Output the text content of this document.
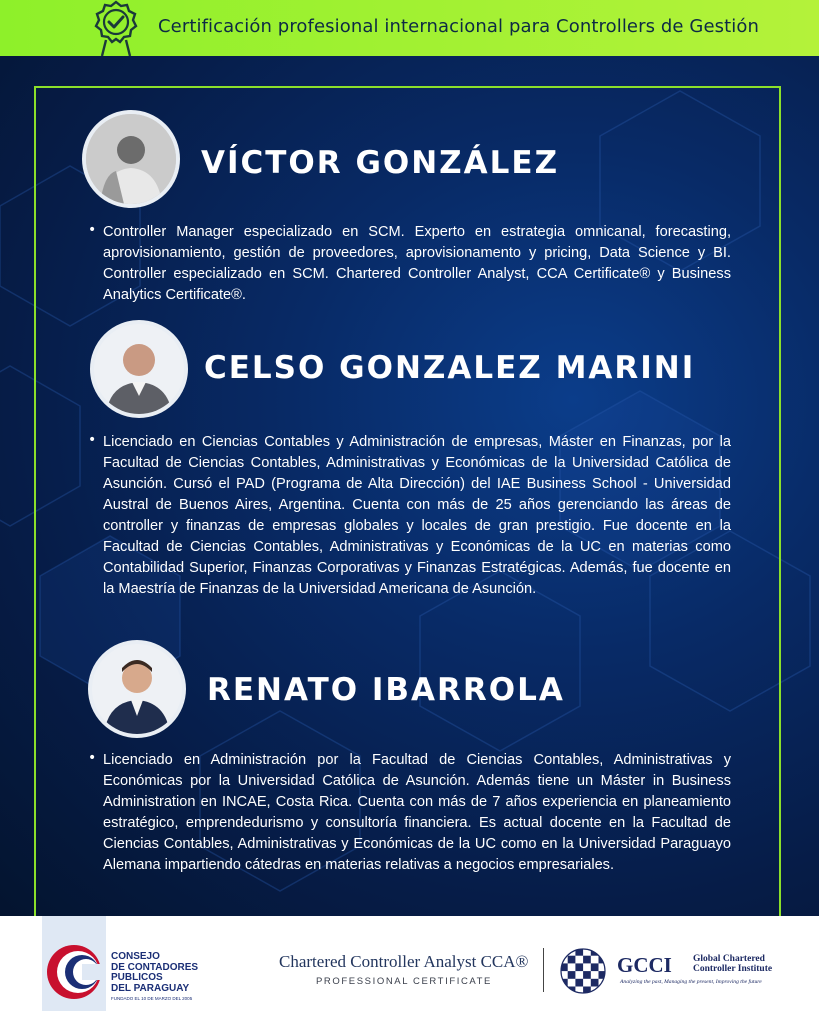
Certificación profesional internacional para Controllers de Gestión
VÍCTOR GONZÁLEZ
• Controller Manager especializado en SCM. Experto en estrategia omnicanal, forecasting, aprovisionamiento, gestión de proveedores, aprovisionamento y pricing, Data Science y BI. Controller especializado en SCM. Chartered Controller Analyst, CCA Certificate® y Business Analytics Certificate®.

CELSO GONZALEZ MARINI
• Licenciado en Ciencias Contables y Administración de empresas, Máster en Finanzas, por la Facultad de Ciencias Contables, Administrativas y Económicas de la Universidad Católica de Asunción. Cursó el PAD (Programa de Alta Dirección) del IAE Business School - Universidad Austral de Buenos Aires, Argentina. Cuenta con más de 25 años gerenciando las áreas de controller y finanzas de empresas globales y locales de gran prestigio. Fue docente en la Facultad de Ciencias Contables, Administrativas y Económicas de la UC en materias como Contabilidad Superior, Finanzas Corporativas y Finanzas Estratégicas. Además, fue docente en la Maestría de Finanzas de la Universidad Americana de Asunción.

RENATO IBARROLA
• Licenciado en Administración por la Facultad de Ciencias Contables, Administrativas y Económicas por la Universidad Católica de Asunción. Además tiene un Máster in Business Administration en INCAE, Costa Rica. Cuenta con más de 7 años experiencia en planeamiento estratégico, emprendedurismo y consultoría financiera. Es actual docente en la Facultad de Ciencias Contables, Administrativas y Económicas de la UC como en la Universidad Paraguayo Alemana impartiendo cátedras en materias relativas a negocios empresariales.

CONSEJO
DE CONTADORES
PUBLICOS
DEL PARAGUAY
FUNDADO EL 10 DE MARZO DEL 2005
Chartered Controller Analyst CCA®
PROFESSIONAL CERTIFICATE
GCCI Global Chartered
Controller Institute
Analyzing the past, Managing the present, Improving the future
